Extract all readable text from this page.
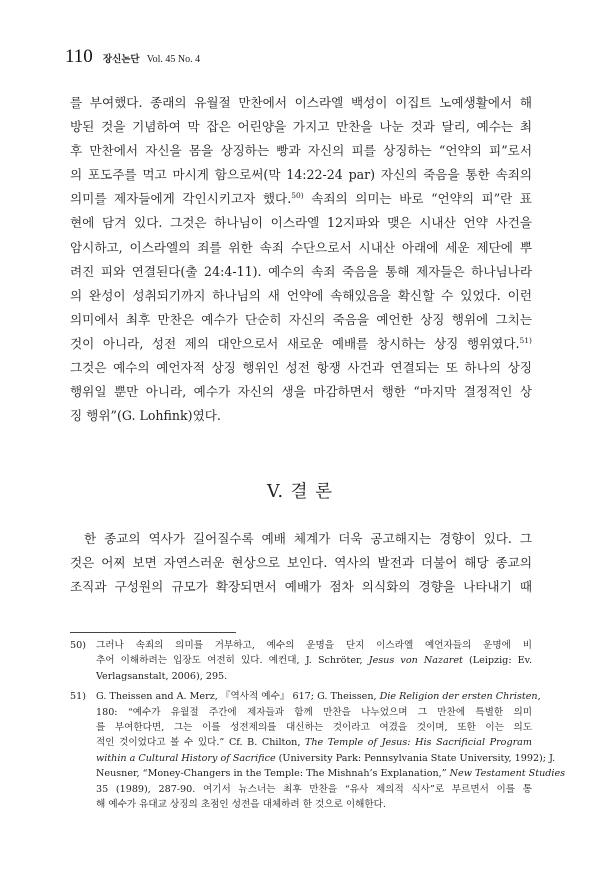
110 장신논단 Vol. 45 No. 4
를 부여했다. 종래의 유월절 만찬에서 이스라엘 백성이 이집트 노예생활에서 해
방된 것을 기념하여 막 잡은 어린양을 가지고 만찬을 나눈 것과 달리, 예수는 최
후 만찬에서 자신을 몸을 상징하는 빵과 자신의 피를 상징하는 “언약의 피”로서
의 포도주를 먹고 마시게 함으로써(막 14:22-24 par) 자신의 죽음을 통한 속죄의
의미를 제자들에게 각인시키고자 했다.$^{50)}$ 속죄의 의미는 바로 “언약의 피”란 표
현에 담겨 있다. 그것은 하나님이 이스라엘 12지파와 맺은 시내산 언약 사건을
암시하고, 이스라엘의 죄를 위한 속죄 수단으로서 시내산 아래에 세운 제단에 뿌
려진 피와 연결된다(출 24:4-11). 예수의 속죄 죽음을 통해 제자들은 하나님나라
의 완성이 성취되기까지 하나님의 새 언약에 속해있음을 확신할 수 있었다. 이런
의미에서 최후 만찬은 예수가 단순히 자신의 죽음을 예언한 상징 행위에 그치는
것이 아니라, 성전 제의 대안으로서 새로운 예배를 창시하는 상징 행위였다.$^{51)}$
그것은 예수의 예언자적 상징 행위인 성전 항쟁 사건과 연결되는 또 하나의 상징
행위일 뿐만 아니라, 예수가 자신의 생을 마감하면서 행한 “마지막 결정적인 상
징 행위”(G. Lohfink)였다.
V. 결 론
한 종교의 역사가 길어질수록 예배 체계가 더욱 공고해지는 경향이 있다. 그
것은 어찌 보면 자연스러운 현상으로 보인다. 역사의 발전과 더불어 해당 종교의
조직과 구성원의 규모가 확장되면서 예배가 점차 의식화의 경향을 나타내기 때
50) 그러나 속죄의 의미를 거부하고, 예수의 운명을 단지 이스라엘 예언자들의 운명에 비
추어 이해하려는 입장도 여전히 있다. 예컨대, J. Schröter, Jesus von Nazaret (Leipzig: Ev.
Verlagsanstalt, 2006), 295.
51) G. Theissen and A. Merz, 『역사적 예수』 617; G. Theissen, Die Religion der ersten Christen,
180: “예수가 유월절 주간에 제자들과 함께 만찬을 나누었으며 그 만찬에 특별한 의미
를 부여한다면, 그는 이를 성전제의를 대신하는 것이라고 여겼을 것이며, 또한 이는 의도
적인 것이었다고 볼 수 있다.” Cf. B. Chilton, The Temple of Jesus: His Sacrificial Program
within a Cultural History of Sacrifice (University Park: Pennsylvania State University, 1992); J.
Neusner, “Money-Changers in the Temple: The Mishnah’s Explanation,” New Testament Studies
35 (1989), 287-90. 여기서 뉴스너는 최후 만찬을 “유사 제의적 식사”로 부르면서 이를 통
해 예수가 유대교 상징의 초점인 성전을 대체하려 한 것으로 이해한다.
